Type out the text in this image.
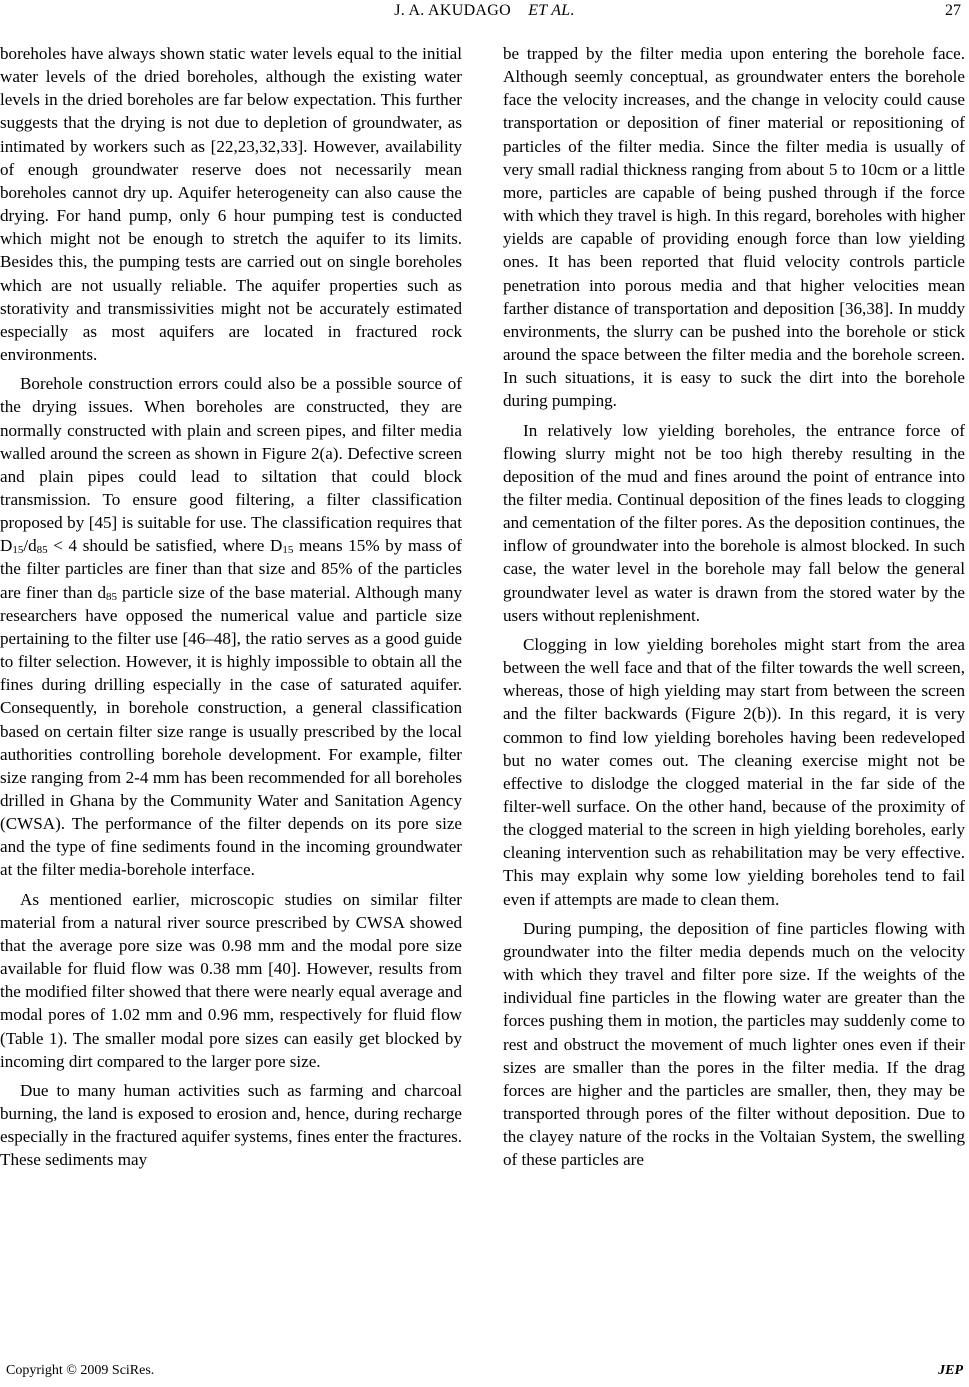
J. A. AKUDAGO ET AL.	27

boreholes have always shown static water levels equal to the initial water levels of the dried boreholes, although the existing water levels in the dried boreholes are far below expectation. This further suggests that the drying is not due to depletion of groundwater, as intimated by workers such as [22,23,32,33]. However, availability of enough groundwater reserve does not necessarily mean boreholes cannot dry up. Aquifer heterogeneity can also cause the drying. For hand pump, only 6 hour pumping test is conducted which might not be enough to stretch the aquifer to its limits. Besides this, the pumping tests are carried out on single boreholes which are not usually reliable. The aquifer properties such as storativity and transmissivities might not be accurately estimated especially as most aquifers are located in fractured rock environments.

Borehole construction errors could also be a possible source of the drying issues. When boreholes are constructed, they are normally constructed with plain and screen pipes, and filter media walled around the screen as shown in Figure 2(a). Defective screen and plain pipes could lead to siltation that could block transmission. To ensure good filtering, a filter classification proposed by [45] is suitable for use. The classification requires that $D_{15}/d_{85} < 4$ should be satisfied, where $D_{15}$ means 15% by mass of the filter particles are finer than that size and 85% of the particles are finer than $d_{85}$ particle size of the base material. Although many researchers have opposed the numerical value and particle size pertaining to the filter use [46–48], the ratio serves as a good guide to filter selection. However, it is highly impossible to obtain all the fines during drilling especially in the case of saturated aquifer. Consequently, in borehole construction, a general classification based on certain filter size range is usually prescribed by the local authorities controlling borehole development. For example, filter size ranging from 2-4 mm has been recommended for all boreholes drilled in Ghana by the Community Water and Sanitation Agency (CWSA). The performance of the filter depends on its pore size and the type of fine sediments found in the incoming groundwater at the filter media-borehole interface.

As mentioned earlier, microscopic studies on similar filter material from a natural river source prescribed by CWSA showed that the average pore size was 0.98 mm and the modal pore size available for fluid flow was 0.38 mm [40]. However, results from the modified filter showed that there were nearly equal average and modal pores of 1.02 mm and 0.96 mm, respectively for fluid flow (Table 1). The smaller modal pore sizes can easily get blocked by incoming dirt compared to the larger pore size.

Due to many human activities such as farming and charcoal burning, the land is exposed to erosion and, hence, during recharge especially in the fractured aquifer systems, fines enter the fractures. These sediments may

be trapped by the filter media upon entering the borehole face. Although seemly conceptual, as groundwater enters the borehole face the velocity increases, and the change in velocity could cause transportation or deposition of finer material or repositioning of particles of the filter media. Since the filter media is usually of very small radial thickness ranging from about 5 to 10cm or a little more, particles are capable of being pushed through if the force with which they travel is high. In this regard, boreholes with higher yields are capable of providing enough force than low yielding ones. It has been reported that fluid velocity controls particle penetration into porous media and that higher velocities mean farther distance of transportation and deposition [36,38]. In muddy environments, the slurry can be pushed into the borehole or stick around the space between the filter media and the borehole screen. In such situations, it is easy to suck the dirt into the borehole during pumping.

In relatively low yielding boreholes, the entrance force of flowing slurry might not be too high thereby resulting in the deposition of the mud and fines around the point of entrance into the filter media. Continual deposition of the fines leads to clogging and cementation of the filter pores. As the deposition continues, the inflow of groundwater into the borehole is almost blocked. In such case, the water level in the borehole may fall below the general groundwater level as water is drawn from the stored water by the users without replenishment.

Clogging in low yielding boreholes might start from the area between the well face and that of the filter towards the well screen, whereas, those of high yielding may start from between the screen and the filter backwards (Figure 2(b)). In this regard, it is very common to find low yielding boreholes having been redeveloped but no water comes out. The cleaning exercise might not be effective to dislodge the clogged material in the far side of the filter-well surface. On the other hand, because of the proximity of the clogged material to the screen in high yielding boreholes, early cleaning intervention such as rehabilitation may be very effective. This may explain why some low yielding boreholes tend to fail even if attempts are made to clean them.

During pumping, the deposition of fine particles flowing with groundwater into the filter media depends much on the velocity with which they travel and filter pore size. If the weights of the individual fine particles in the flowing water are greater than the forces pushing them in motion, the particles may suddenly come to rest and obstruct the movement of much lighter ones even if their sizes are smaller than the pores in the filter media. If the drag forces are higher and the particles are smaller, then, they may be transported through pores of the filter without deposition. Due to the clayey nature of the rocks in the Voltaian System, the swelling of these particles are

Copyright © 2009 SciRes.	JEP
